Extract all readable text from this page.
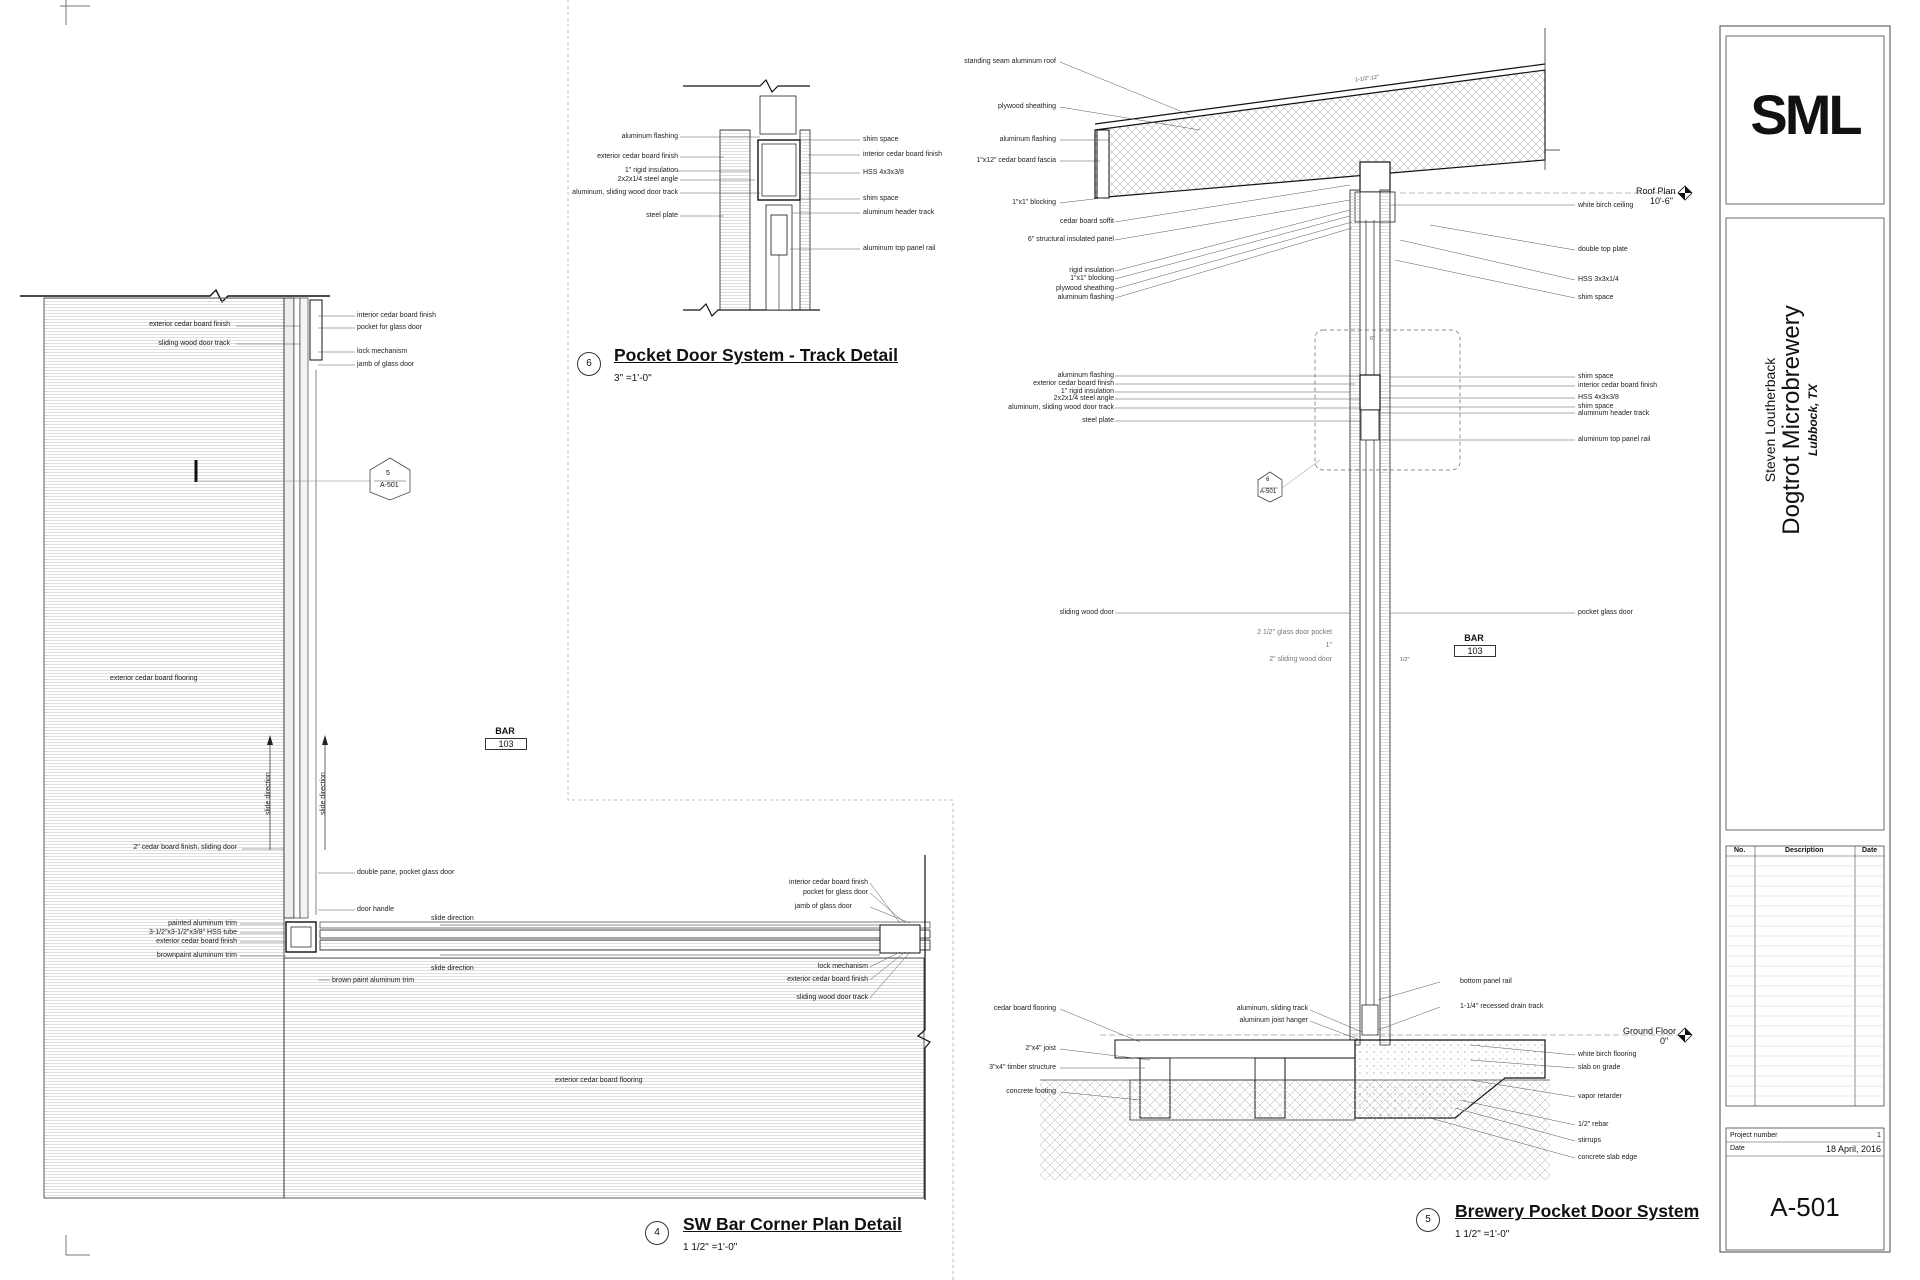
exterior cedar board finish
sliding wood door track
exterior cedar board flooring
2" cedar board finish, sliding door
painted aluminum trim
3-1/2"x3-1/2"x3/8" HSS tube
exterior cedar board finish
brownpaint aluminum trim
interior cedar board finish
pocket for glass door
lock mechanism
jamb of glass door
double pane, pocket glass door
door handle
brown paint aluminum trim
interior cedar board finish
pocket for glass door
jamb of glass door
lock mechanism
exterior cedar board finish
sliding wood door track
exterior cedar board flooring
slide direction
slide direction
slide direction	slide direction
5
A-501
BAR
103
4	SW Bar Corner Plan Detail
1 1/2" =1'-0"
aluminum flashing
exterior cedar board finish
1" rigid insulation
2x2x1/4 steel angle
aluminum, sliding wood door track
steel plate
shim space
interior cedar board finish
HSS 4x3x3/8
shim space
aluminum header track
aluminum top panel rail
6	Pocket Door System - Track Detail
3" =1'-0"
standing seam aluminum roof
plywood sheathing
aluminum flashing
1"x12" cedar board fascia
1"x1" blocking
cedar board soffit
6" structural insulated panel
rigid insulation
1"x1" blocking
plywood sheathing
aluminum flashing
aluminum flashing
exterior cedar board finish
1" rigid insulation
2x2x1/4 steel angle
aluminum, sliding wood door track
steel plate
sliding wood door
2 1/2" glass door pocket
1"
2" sliding wood door
aluminum, sliding track
aluminum joist hanger
cedar board flooring
2"x4" joist
3"x4" timber structure
concrete footing
white birch ceiling
double top plate
HSS 3x3x1/4
shim space
shim space
interior cedar board finish
HSS 4x3x3/8
shim space
aluminum header track
aluminum top panel rail
pocket glass door
bottom panel rail
1-1/4" recessed drain track
white birch flooring
slab on grade
vapor retarder
1/2" rebar
stirrups
concrete slab edge
1-1/2":12"
6"
1/2"
6
A-501
Roof Plan
10'-6"
Ground Floor
0"
BAR
103
5	Brewery Pocket Door System
1 1/2" =1'-0"
SML
Steven Loutherback Dogtrot Microbrewery Lubbock, TX
No.	Description	Date
Project number	1
Date	18 April, 2016
A-501
